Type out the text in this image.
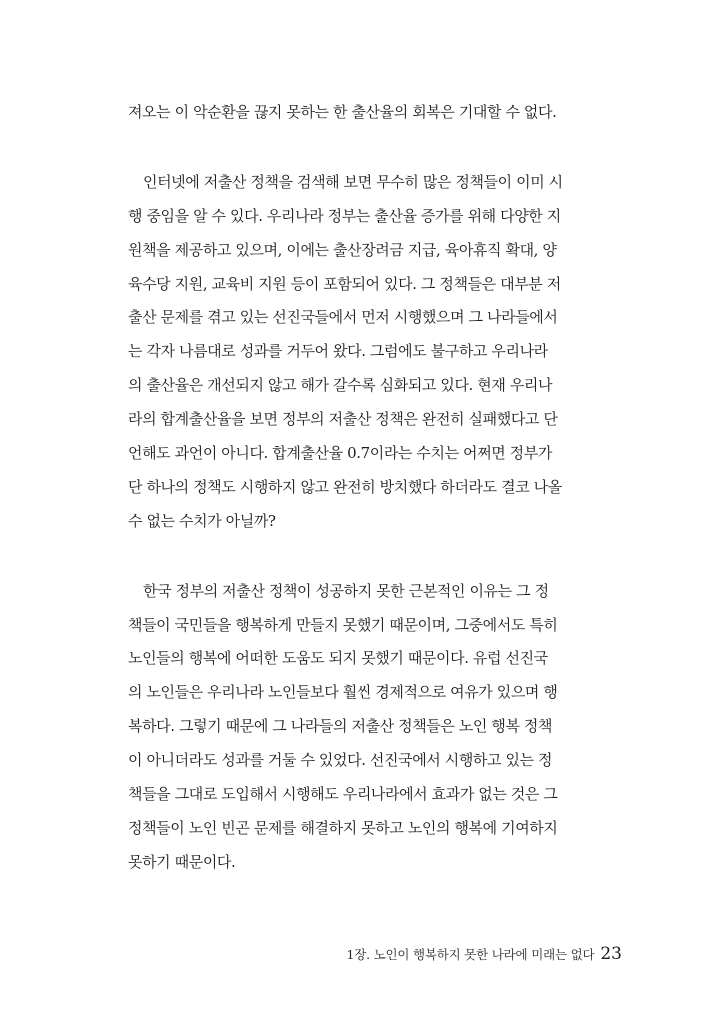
져오는 이 악순환을 끊지 못하는 한 출산율의 회복은 기대할 수 없다.
인터넷에 저출산 정책을 검색해 보면 무수히 많은 정책들이 이미 시
행 중임을 알 수 있다. 우리나라 정부는 출산율 증가를 위해 다양한 지
원책을 제공하고 있으며, 이에는 출산장려금 지급, 육아휴직 확대, 양
육수당 지원, 교육비 지원 등이 포함되어 있다. 그 정책들은 대부분 저
출산 문제를 겪고 있는 선진국들에서 먼저 시행했으며 그 나라들에서
는 각자 나름대로 성과를 거두어 왔다. 그럼에도 불구하고 우리나라
의 출산율은 개선되지 않고 해가 갈수록 심화되고 있다. 현재 우리나
라의 합계출산율을 보면 정부의 저출산 정책은 완전히 실패했다고 단
언해도 과언이 아니다. 합계출산율 0.7이라는 수치는 어쩌면 정부가
단 하나의 정책도 시행하지 않고 완전히 방치했다 하더라도 결코 나올
수 없는 수치가 아닐까?
한국 정부의 저출산 정책이 성공하지 못한 근본적인 이유는 그 정
책들이 국민들을 행복하게 만들지 못했기 때문이며, 그중에서도 특히
노인들의 행복에 어떠한 도움도 되지 못했기 때문이다. 유럽 선진국
의 노인들은 우리나라 노인들보다 훨씬 경제적으로 여유가 있으며 행
복하다. 그렇기 때문에 그 나라들의 저출산 정책들은 노인 행복 정책
이 아니더라도 성과를 거둘 수 있었다. 선진국에서 시행하고 있는 정
책들을 그대로 도입해서 시행해도 우리나라에서 효과가 없는 것은 그
정책들이 노인 빈곤 문제를 해결하지 못하고 노인의 행복에 기여하지
못하기 때문이다.
1장. 노인이 행복하지 못한 나라에 미래는 없다 23
